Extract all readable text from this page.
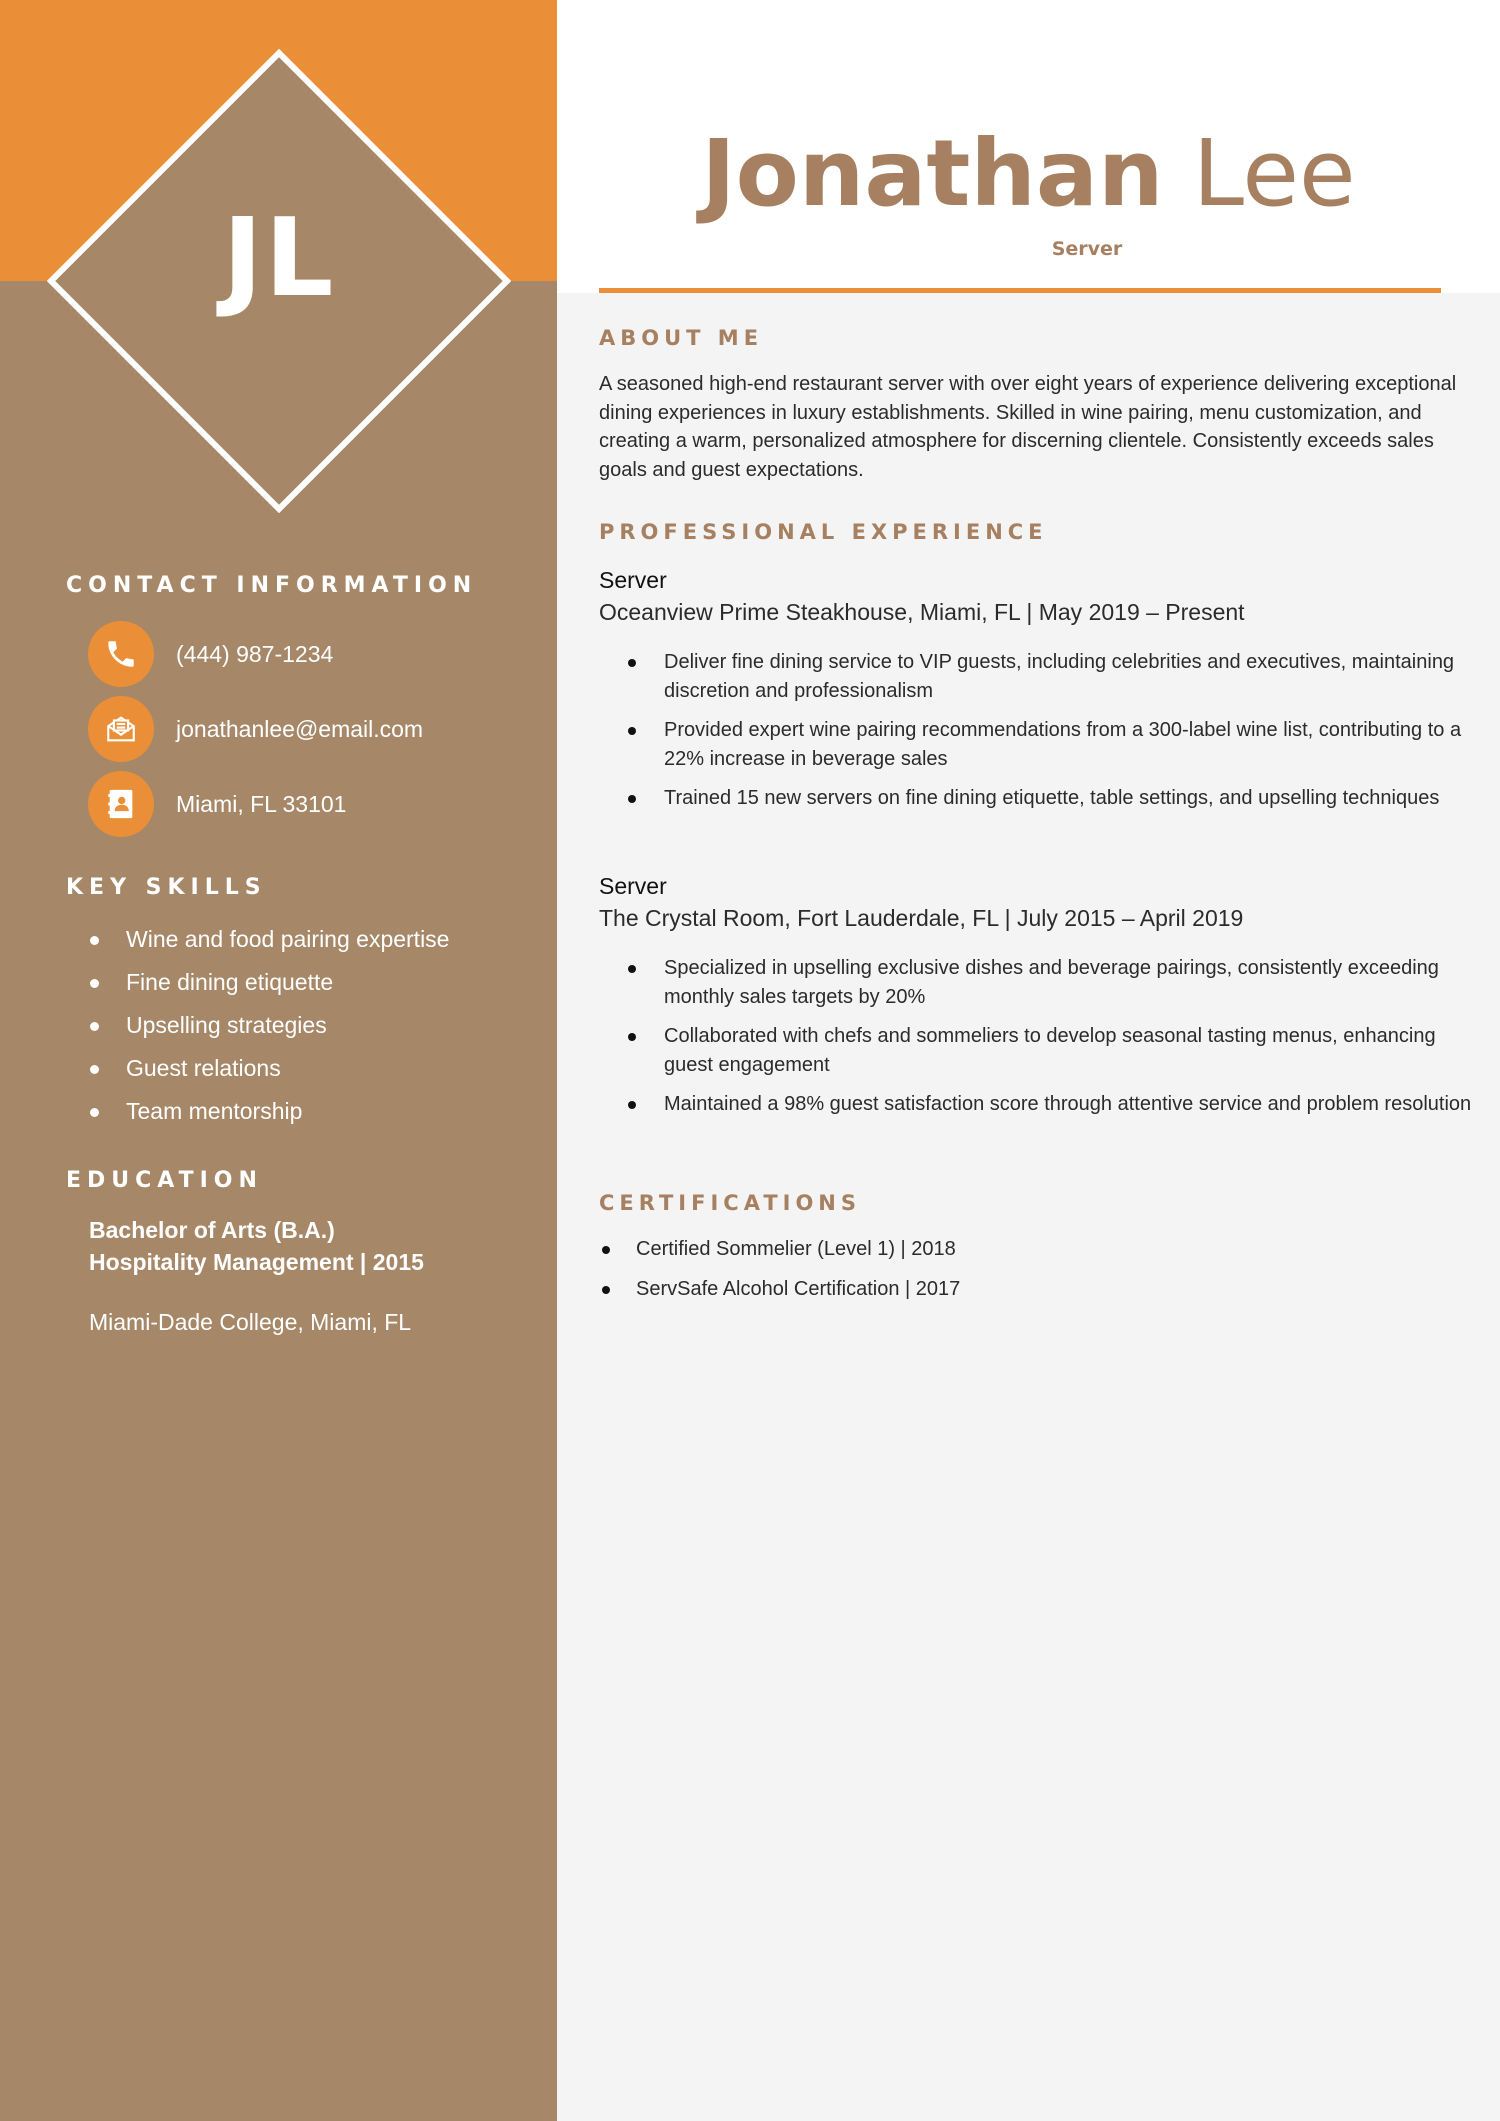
JL
CONTACT INFORMATION
(444) 987-1234
jonathanlee@email.com
Miami, FL 33101
KEY SKILLS
Wine and food pairing expertise
Fine dining etiquette
Upselling strategies
Guest relations
Team mentorship
EDUCATION
Bachelor of Arts (B.A.)
Hospitality Management | 2015
Miami-Dade College, Miami, FL
Jonathan Lee
Server
ABOUT ME

A seasoned high-end restaurant server with over eight years of experience delivering exceptional dining experiences in luxury establishments. Skilled in wine pairing, menu customization, and creating a warm, personalized atmosphere for discerning clientele. Consistently exceeds sales goals and guest expectations.

PROFESSIONAL EXPERIENCE
Server
Oceanview Prime Steakhouse, Miami, FL | May 2019 – Present
Deliver fine dining service to VIP guests, including celebrities and executives, maintaining discretion and professionalism
Provided expert wine pairing recommendations from a 300-label wine list, contributing to a 22% increase in beverage sales
Trained 15 new servers on fine dining etiquette, table settings, and upselling techniques
Server
The Crystal Room, Fort Lauderdale, FL | July 2015 – April 2019
Specialized in upselling exclusive dishes and beverage pairings, consistently exceeding monthly sales targets by 20%
Collaborated with chefs and sommeliers to develop seasonal tasting menus, enhancing guest engagement
Maintained a 98% guest satisfaction score through attentive service and problem resolution
CERTIFICATIONS
Certified Sommelier (Level 1) | 2018
ServSafe Alcohol Certification | 2017
